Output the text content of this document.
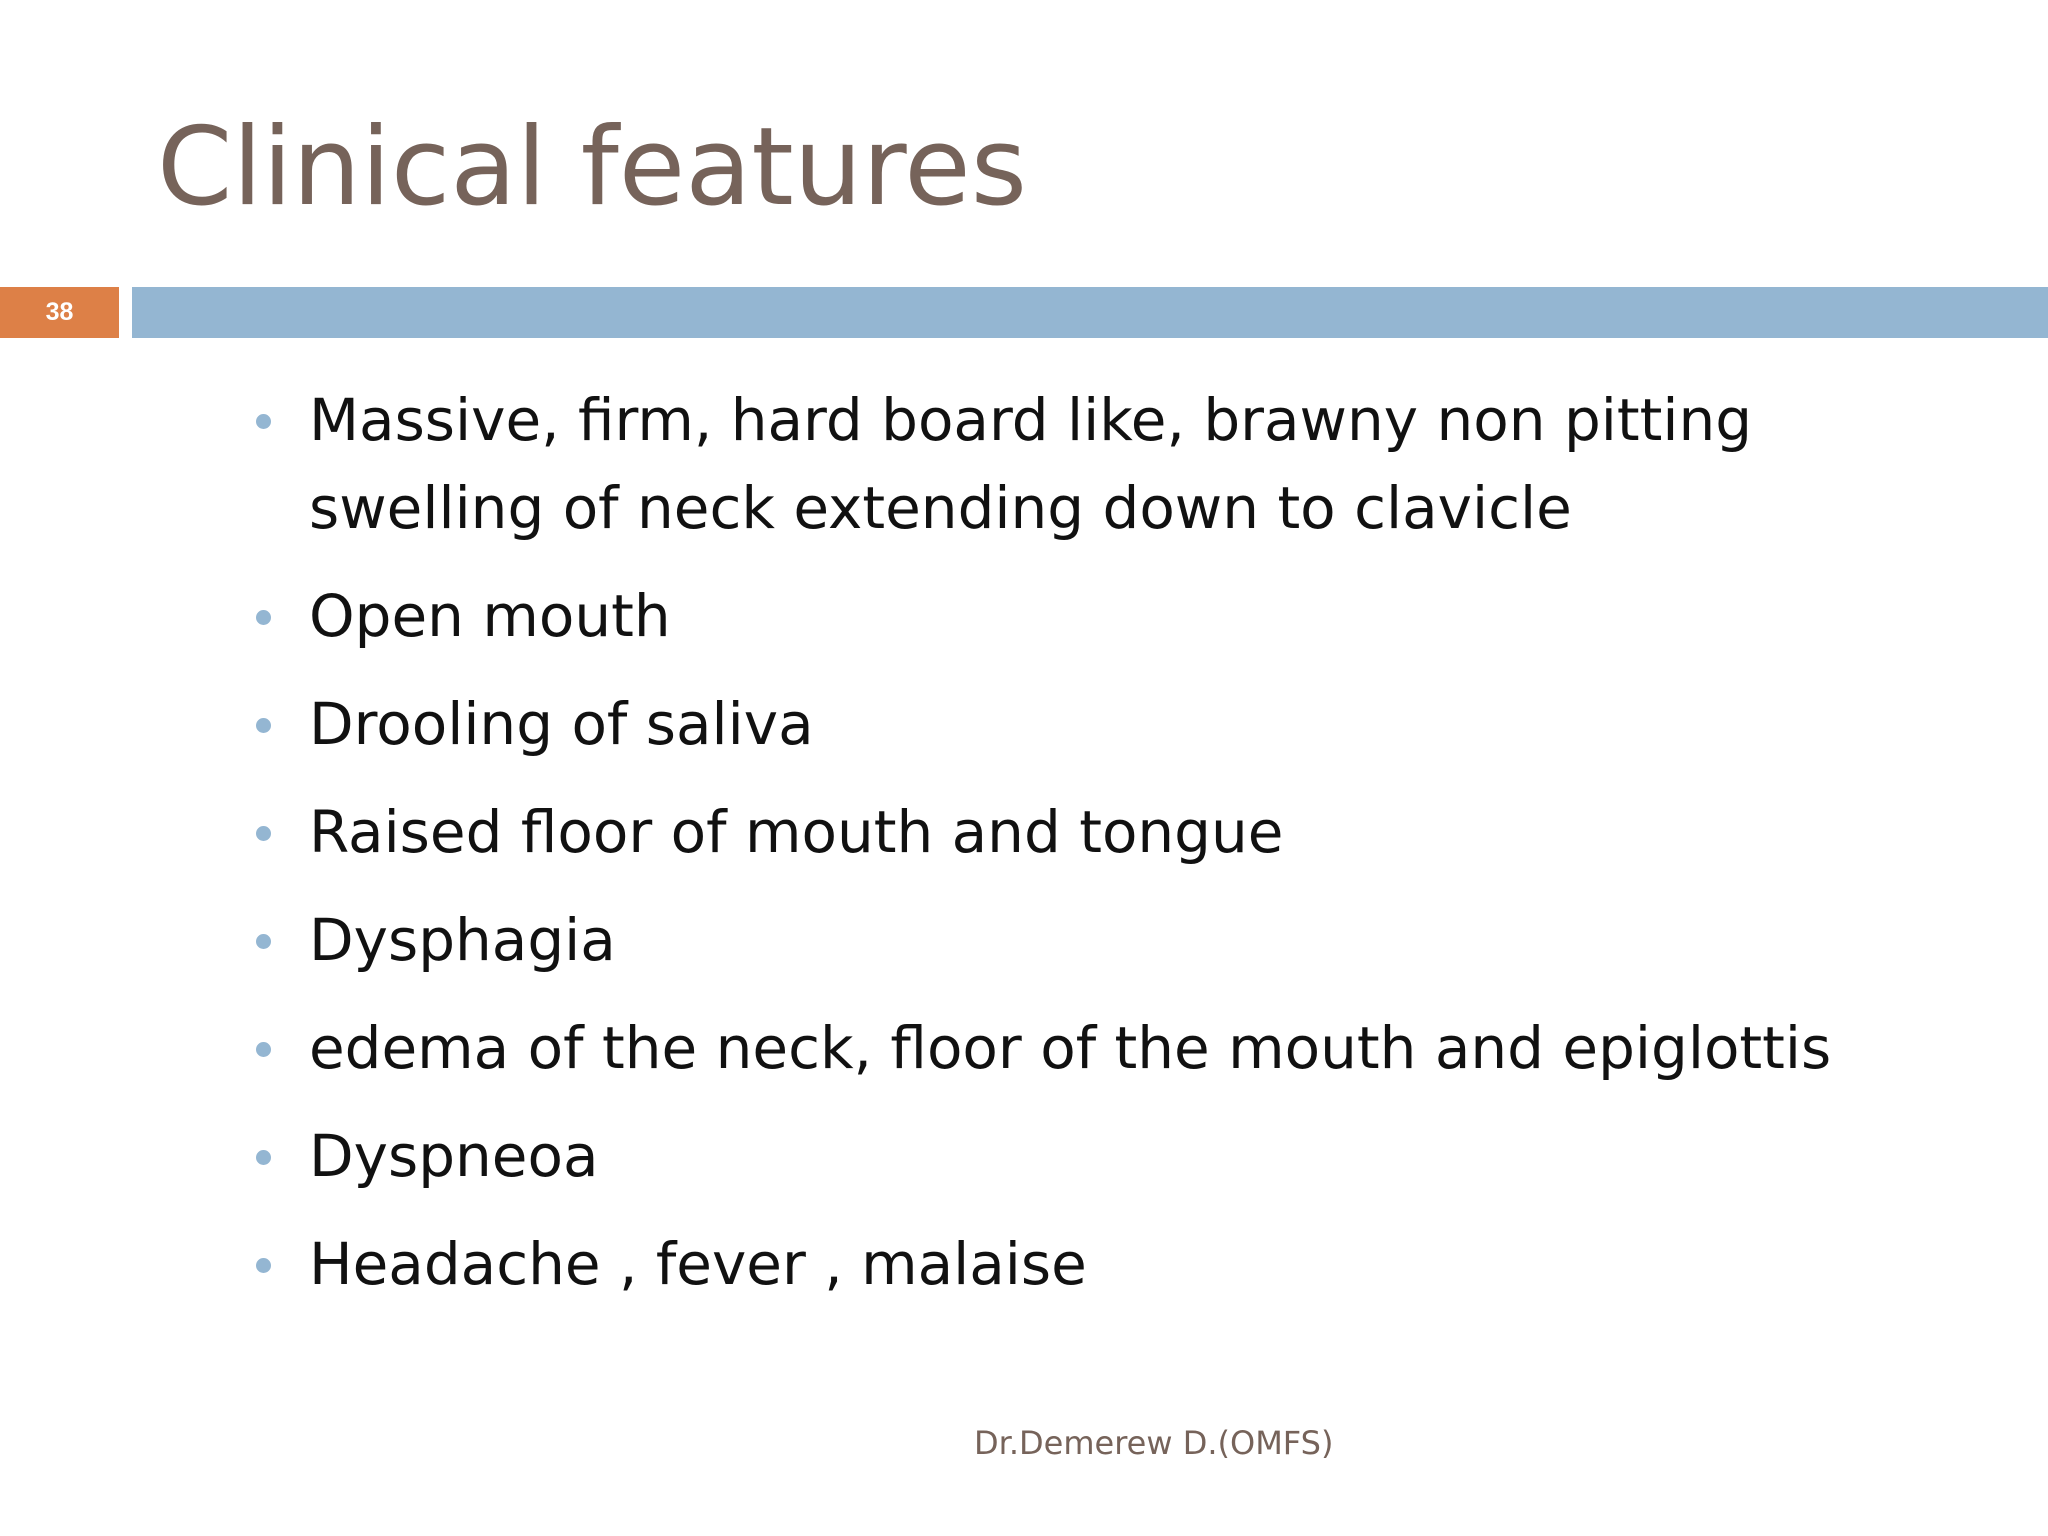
Clinical features
38
Massive, firm, hard board like, brawny non pitting swelling of neck extending down to clavicle
Open mouth
Drooling of saliva
Raised floor of mouth and tongue
Dysphagia
edema of the neck, floor of the mouth and epiglottis
Dyspneoa
Headache , fever , malaise
Dr.Demerew D.(OMFS)
